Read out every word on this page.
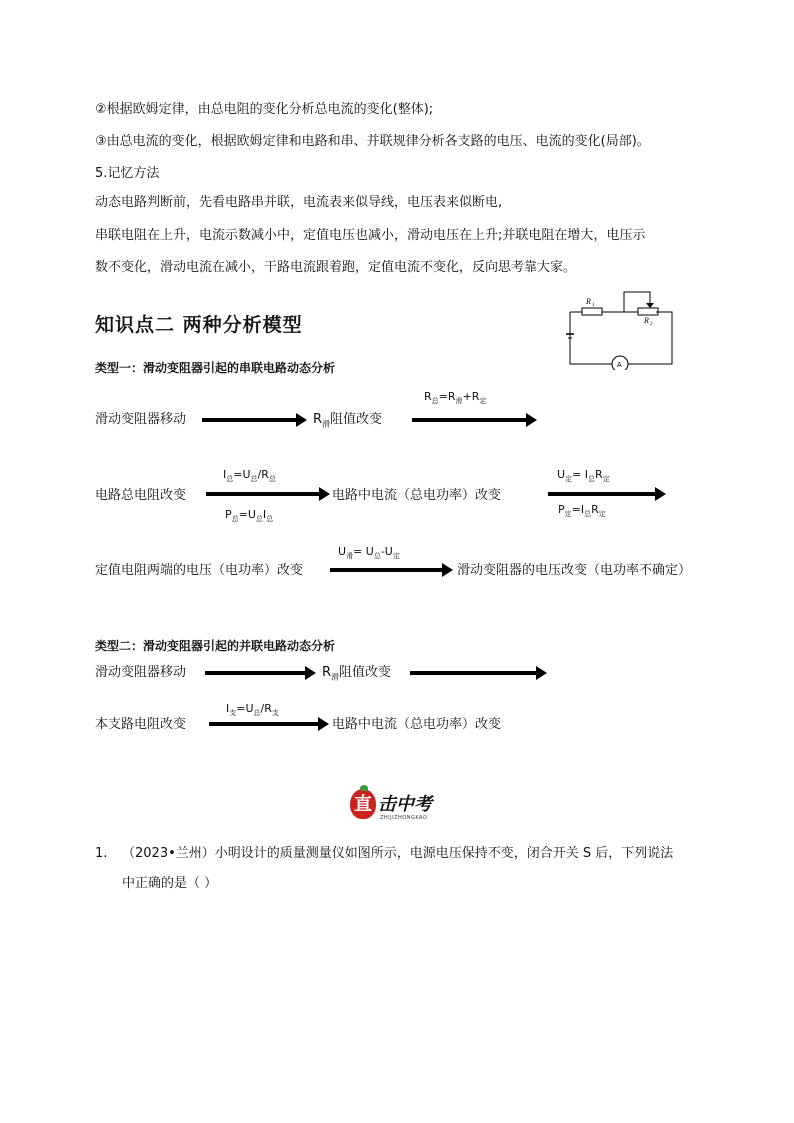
②根据欧姆定律，由总电阻的变化分析总电流的变化(整体);
③由总电流的变化，根据欧姆定律和电路和串、并联规律分析各支路的电压、电流的变化(局部)。
5.记忆方法
动态电路判断前，先看电路串并联，电流表来似导线，电压表来似断电,
串联电阻在上升，电流示数减小中，定值电压也减小，滑动电压在上升;并联电阻在增大，电压示
数不变化，滑动电流在减小，干路电流跟着跑，定值电流不变化，反向思考靠大家。
知识点二 两种分析模型
R 1
R 2
A
类型一：滑动变阻器引起的串联电路动态分析
滑动变阻器移动	$R_滑$阻值改变
$R_总=R_滑+R_定$
电路总电阻改变
$I_总=U_总/R_总$
$P_总=U_总I_总$
电路中电流（总电功率）改变
$U_定= I_总R_定$
$P_定=I_总R_定$
定值电阻两端的电压（电功率）改变
$U_滑= U_总-U_定$
滑动变阻器的电压改变（电功率不确定）
类型二：滑动变阻器引起的并联电路动态分析
滑动变阻器移动	$R_滑$阻值改变
本支路电阻改变
$I_支=U_总/R_支$
电路中电流（总电功率）改变
直 击中考
ZHIJIZHONGKAO
1. （2023•兰州）小明设计的质量测量仪如图所示，电源电压保持不变，闭合开关 S 后，下列说法
中正确的是（ ）
